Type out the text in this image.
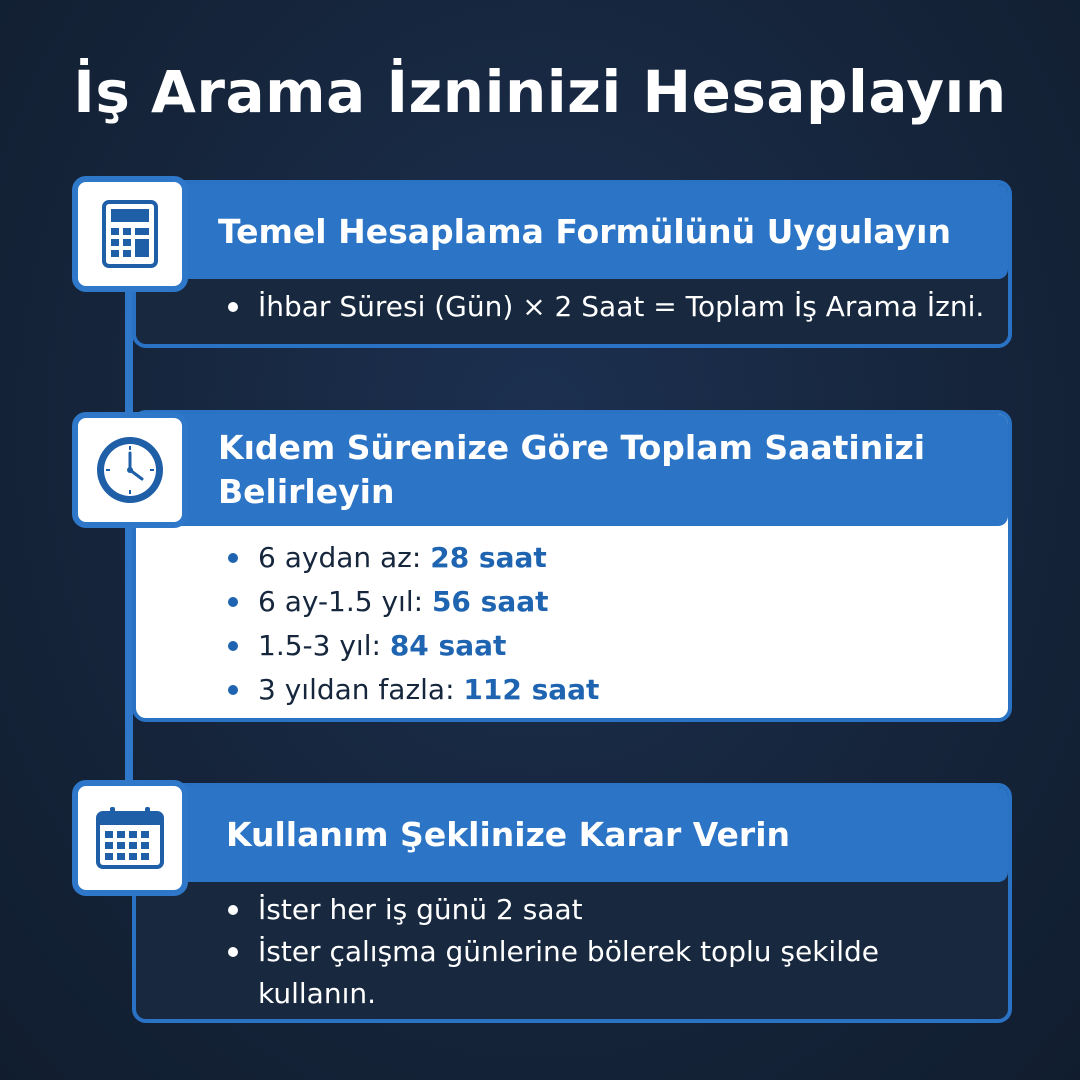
İş Arama İzninizi Hesaplayın
Temel Hesaplama Formülünü Uygulayın
İhbar Süresi (Gün) × 2 Saat = Toplam İş Arama İzni.
Kıdem Sürenize Göre Toplam Saatinizi
Belirleyin
6 aydan az: 28 saat
6 ay-1.5 yıl: 56 saat
1.5-3 yıl: 84 saat
3 yıldan fazla: 112 saat
Kullanım Şeklinize Karar Verin
İster her iş günü 2 saat
İster çalışma günlerine bölerek toplu şekilde kullanın.
